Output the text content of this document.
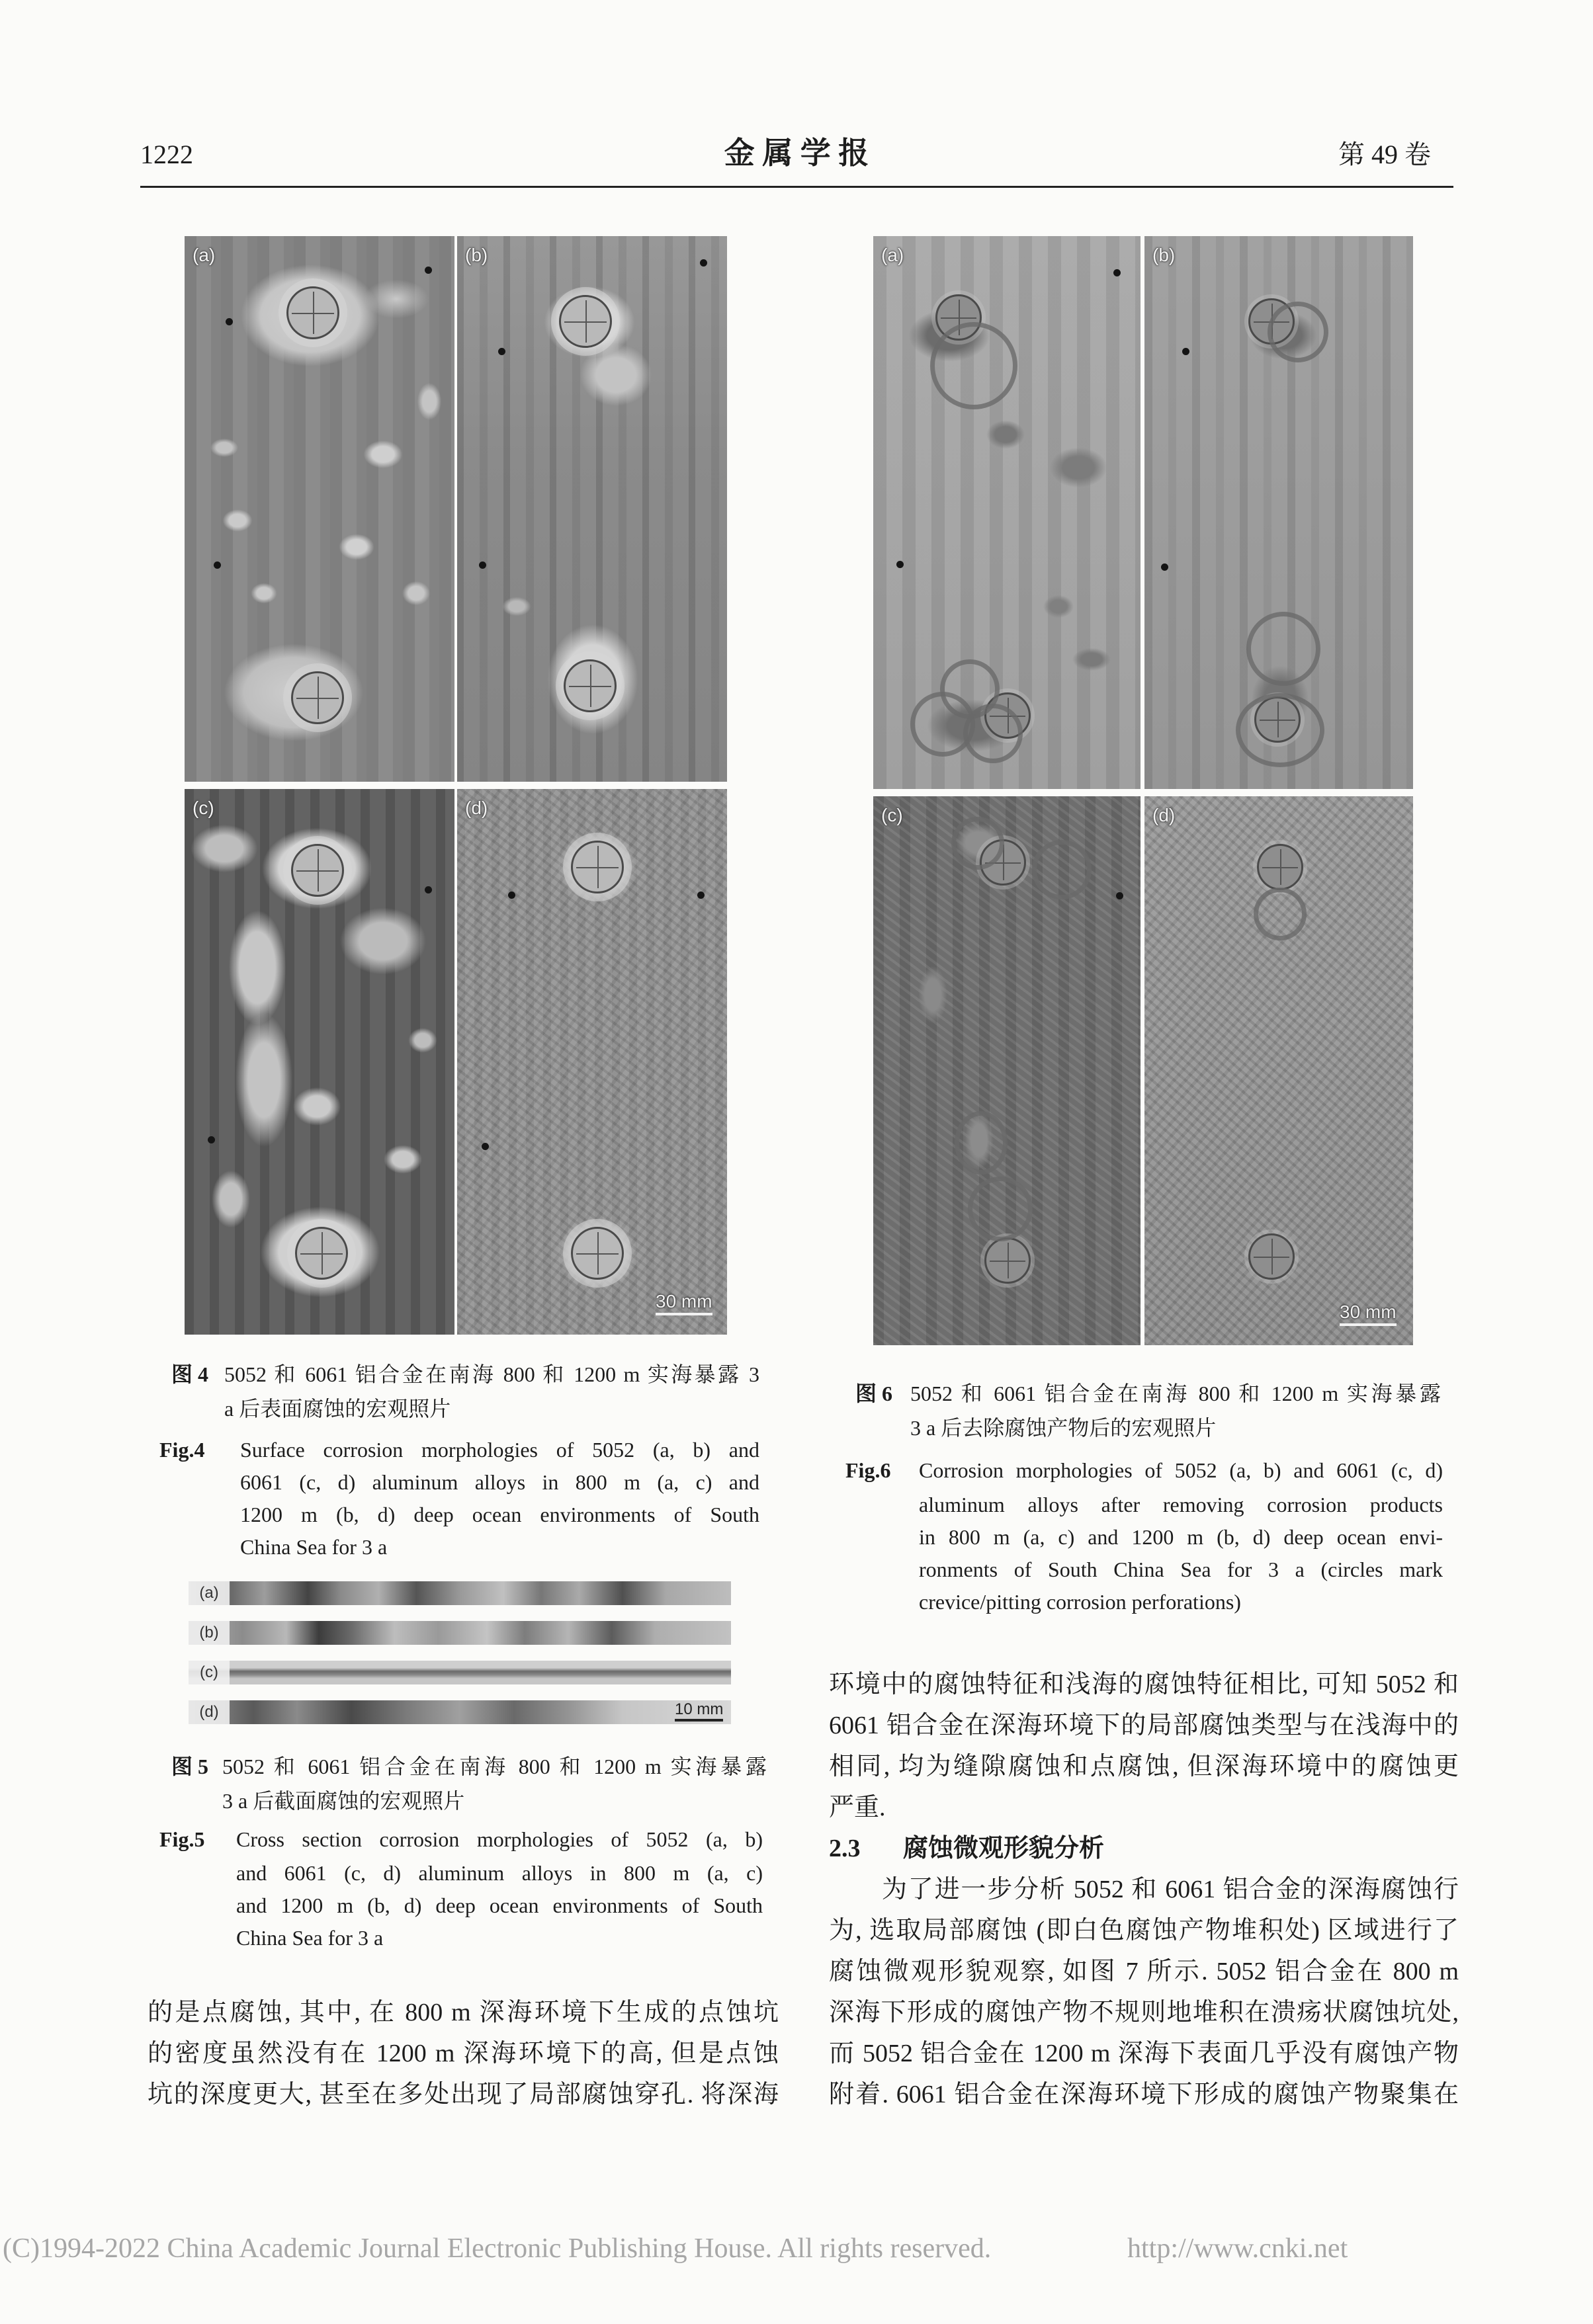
1222	金 属 学 报	第 49 卷
(a)	(b)
(c)	(d)
30 mm
图 4 5052 和 6061 铝合金在南海 800 和 1200 m 实海暴露 3
a 后表面腐蚀的宏观照片
Fig.4 Surface corrosion morphologies of 5052 (a, b) and
6061 (c, d) aluminum alloys in 800 m (a, c) and
1200 m (b, d) deep ocean environments of South
China Sea for 3 a
(a)
(b)
(c)
(d)	10 mm
图 5 5052 和 6061 铝合金在南海 800 和 1200 m 实海暴露
3 a 后截面腐蚀的宏观照片
Fig.5 Cross section corrosion morphologies of 5052 (a, b)
and 6061 (c, d) aluminum alloys in 800 m (a, c)
and 1200 m (b, d) deep ocean environments of South
China Sea for 3 a
的是点腐蚀, 其中, 在 800 m 深海环境下生成的点蚀坑
的密度虽然没有在 1200 m 深海环境下的高, 但是点蚀
坑的深度更大, 甚至在多处出现了局部腐蚀穿孔. 将深海
(a)	(b)
(c)	(d)
30 mm
图 6 5052 和 6061 铝合金在南海 800 和 1200 m 实海暴露
3 a 后去除腐蚀产物后的宏观照片
Fig.6 Corrosion morphologies of 5052 (a, b) and 6061 (c, d)
aluminum alloys after removing corrosion products
in 800 m (a, c) and 1200 m (b, d) deep ocean envi-
ronments of South China Sea for 3 a (circles mark
crevice/pitting corrosion perforations)
环境中的腐蚀特征和浅海的腐蚀特征相比, 可知 5052 和
6061 铝合金在深海环境下的局部腐蚀类型与在浅海中的
相同, 均为缝隙腐蚀和点腐蚀, 但深海环境中的腐蚀更
严重.
2.3 腐蚀微观形貌分析
为了进一步分析 5052 和 6061 铝合金的深海腐蚀行
为, 选取局部腐蚀 (即白色腐蚀产物堆积处) 区域进行了
腐蚀微观形貌观察, 如图 7 所示. 5052 铝合金在 800 m
深海下形成的腐蚀产物不规则地堆积在溃疡状腐蚀坑处,
而 5052 铝合金在 1200 m 深海下表面几乎没有腐蚀产物
附着. 6061 铝合金在深海环境下形成的腐蚀产物聚集在
(C)1994-2022 China Academic Journal Electronic Publishing House. All rights reserved.	http://www.cnki.net
